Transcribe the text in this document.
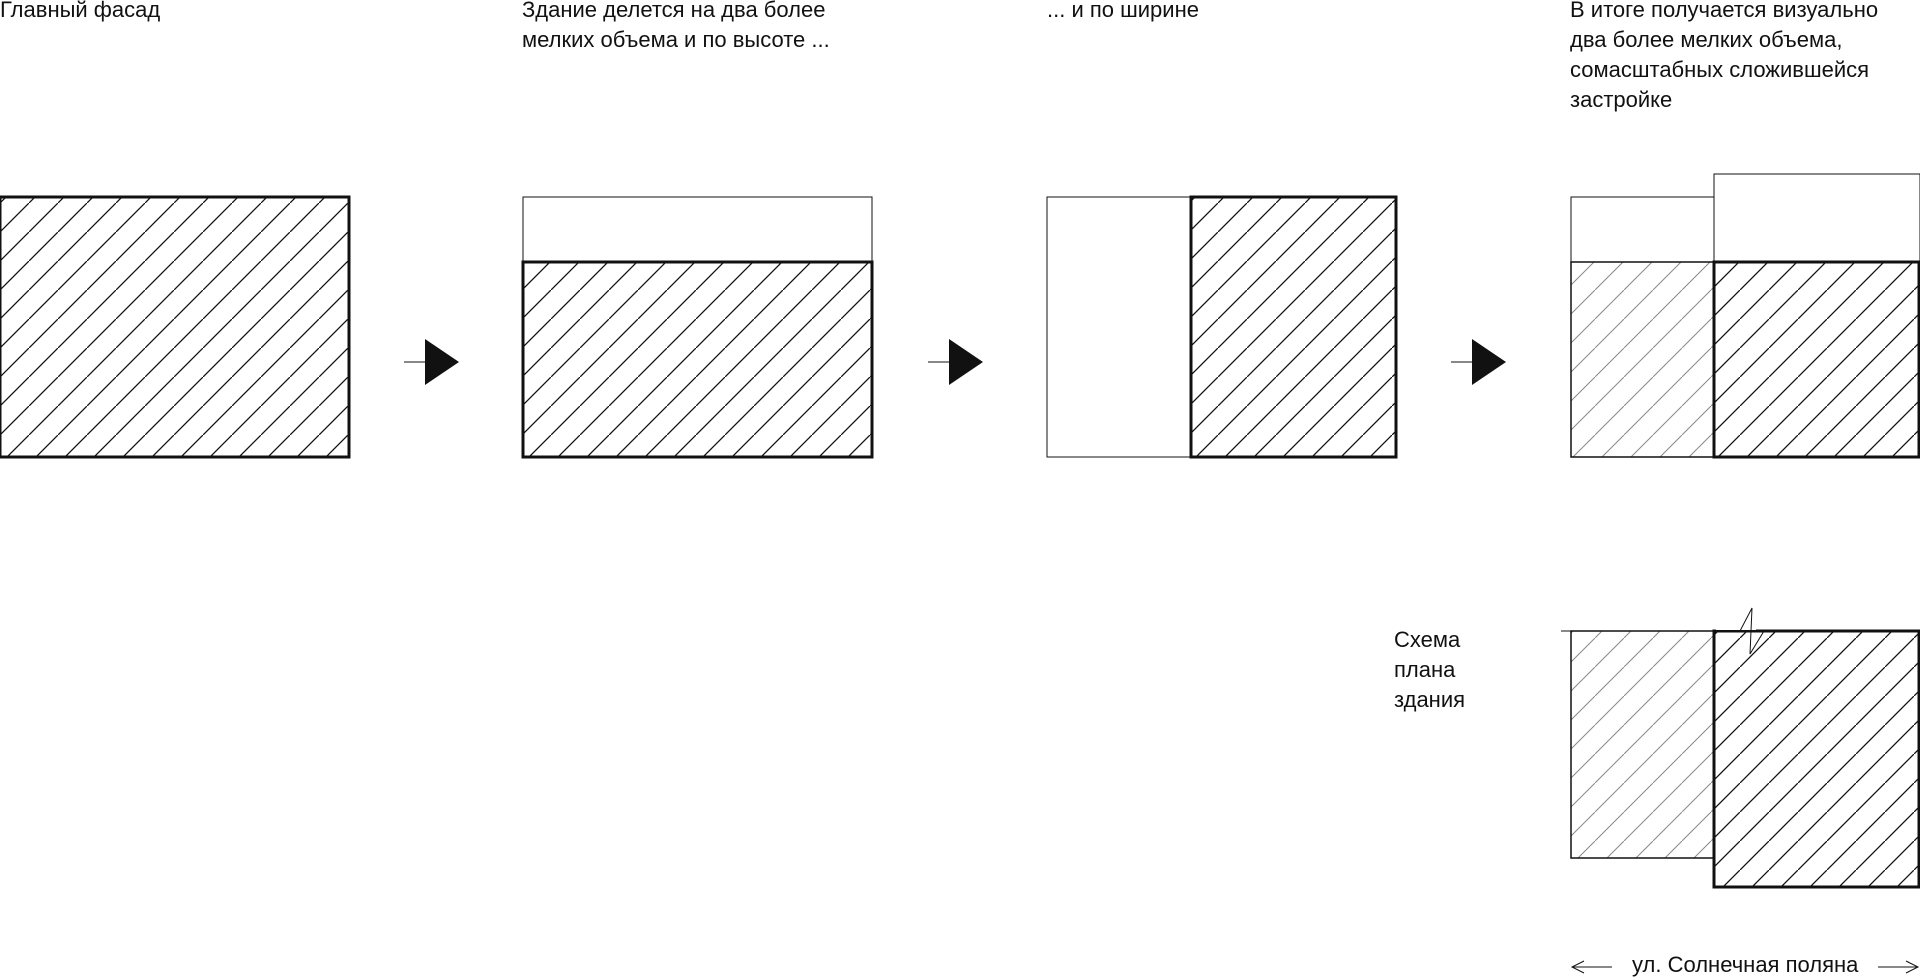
Главный фасад	Здание делется на два более
мелких объема и по высоте ...
... и по ширине	В итоге получается визуально
два более мелких объема,
сомасштабных сложившейся
застройке
Схема
плана
здания
ул. Солнечная поляна
